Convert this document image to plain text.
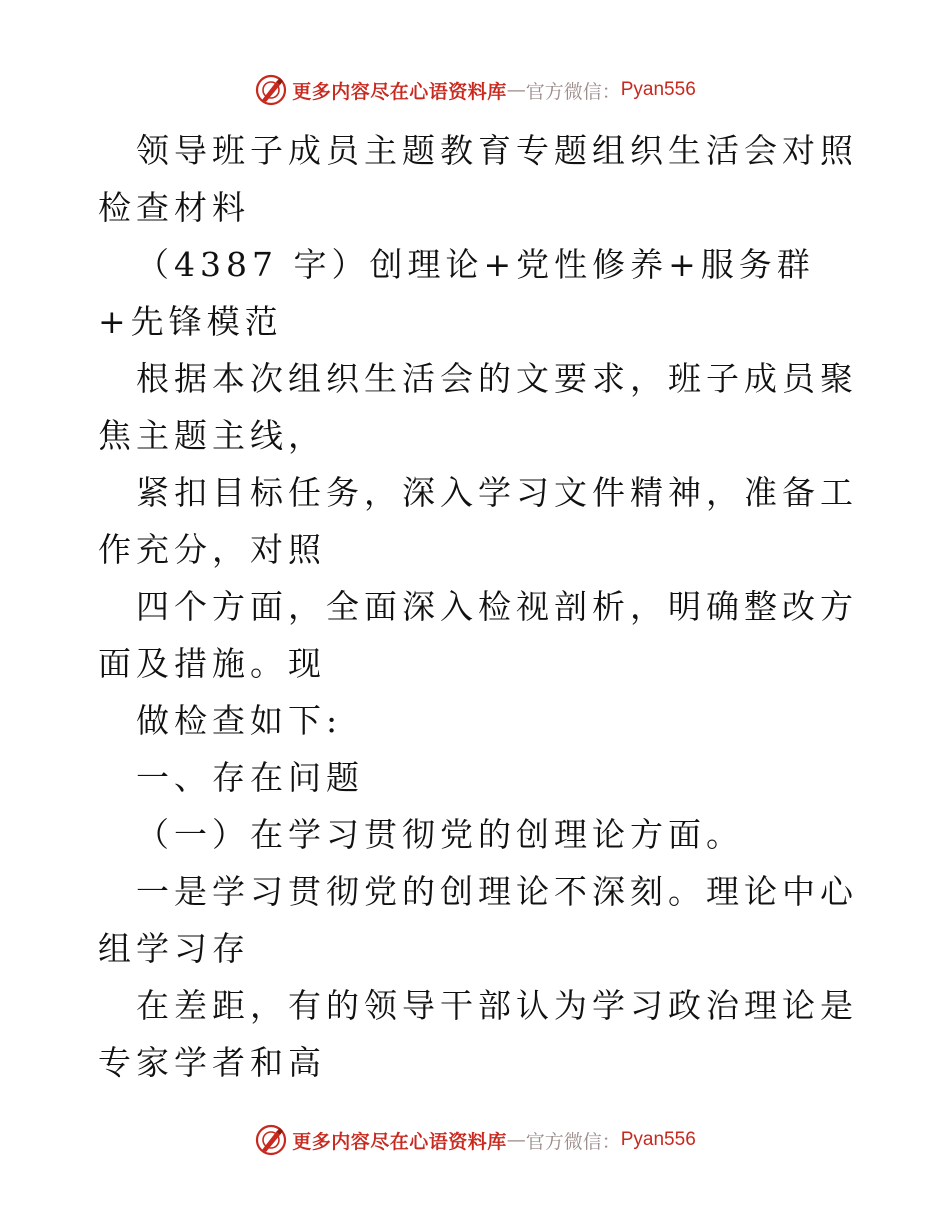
更多内容尽在心语资料库 — 官方微信： Pyan556

领导班子成员主题教育专题组织生活会对照检查材料

（4387 字）创理论+党性修养+服务群+先锋模范

根据本次组织生活会的文要求，班子成员聚焦主题主线，

紧扣目标任务，深入学习文件精神，准备工作充分，对照

四个方面，全面深入检视剖析，明确整改方面及措施。现

做检查如下:

一、存在问题

（一）在学习贯彻党的创理论方面。

一是学习贯彻党的创理论不深刻。理论中心组学习存

在差距，有的领导干部认为学习政治理论是专家学者和高

更多内容尽在心语资料库 — 官方微信： Pyan556
